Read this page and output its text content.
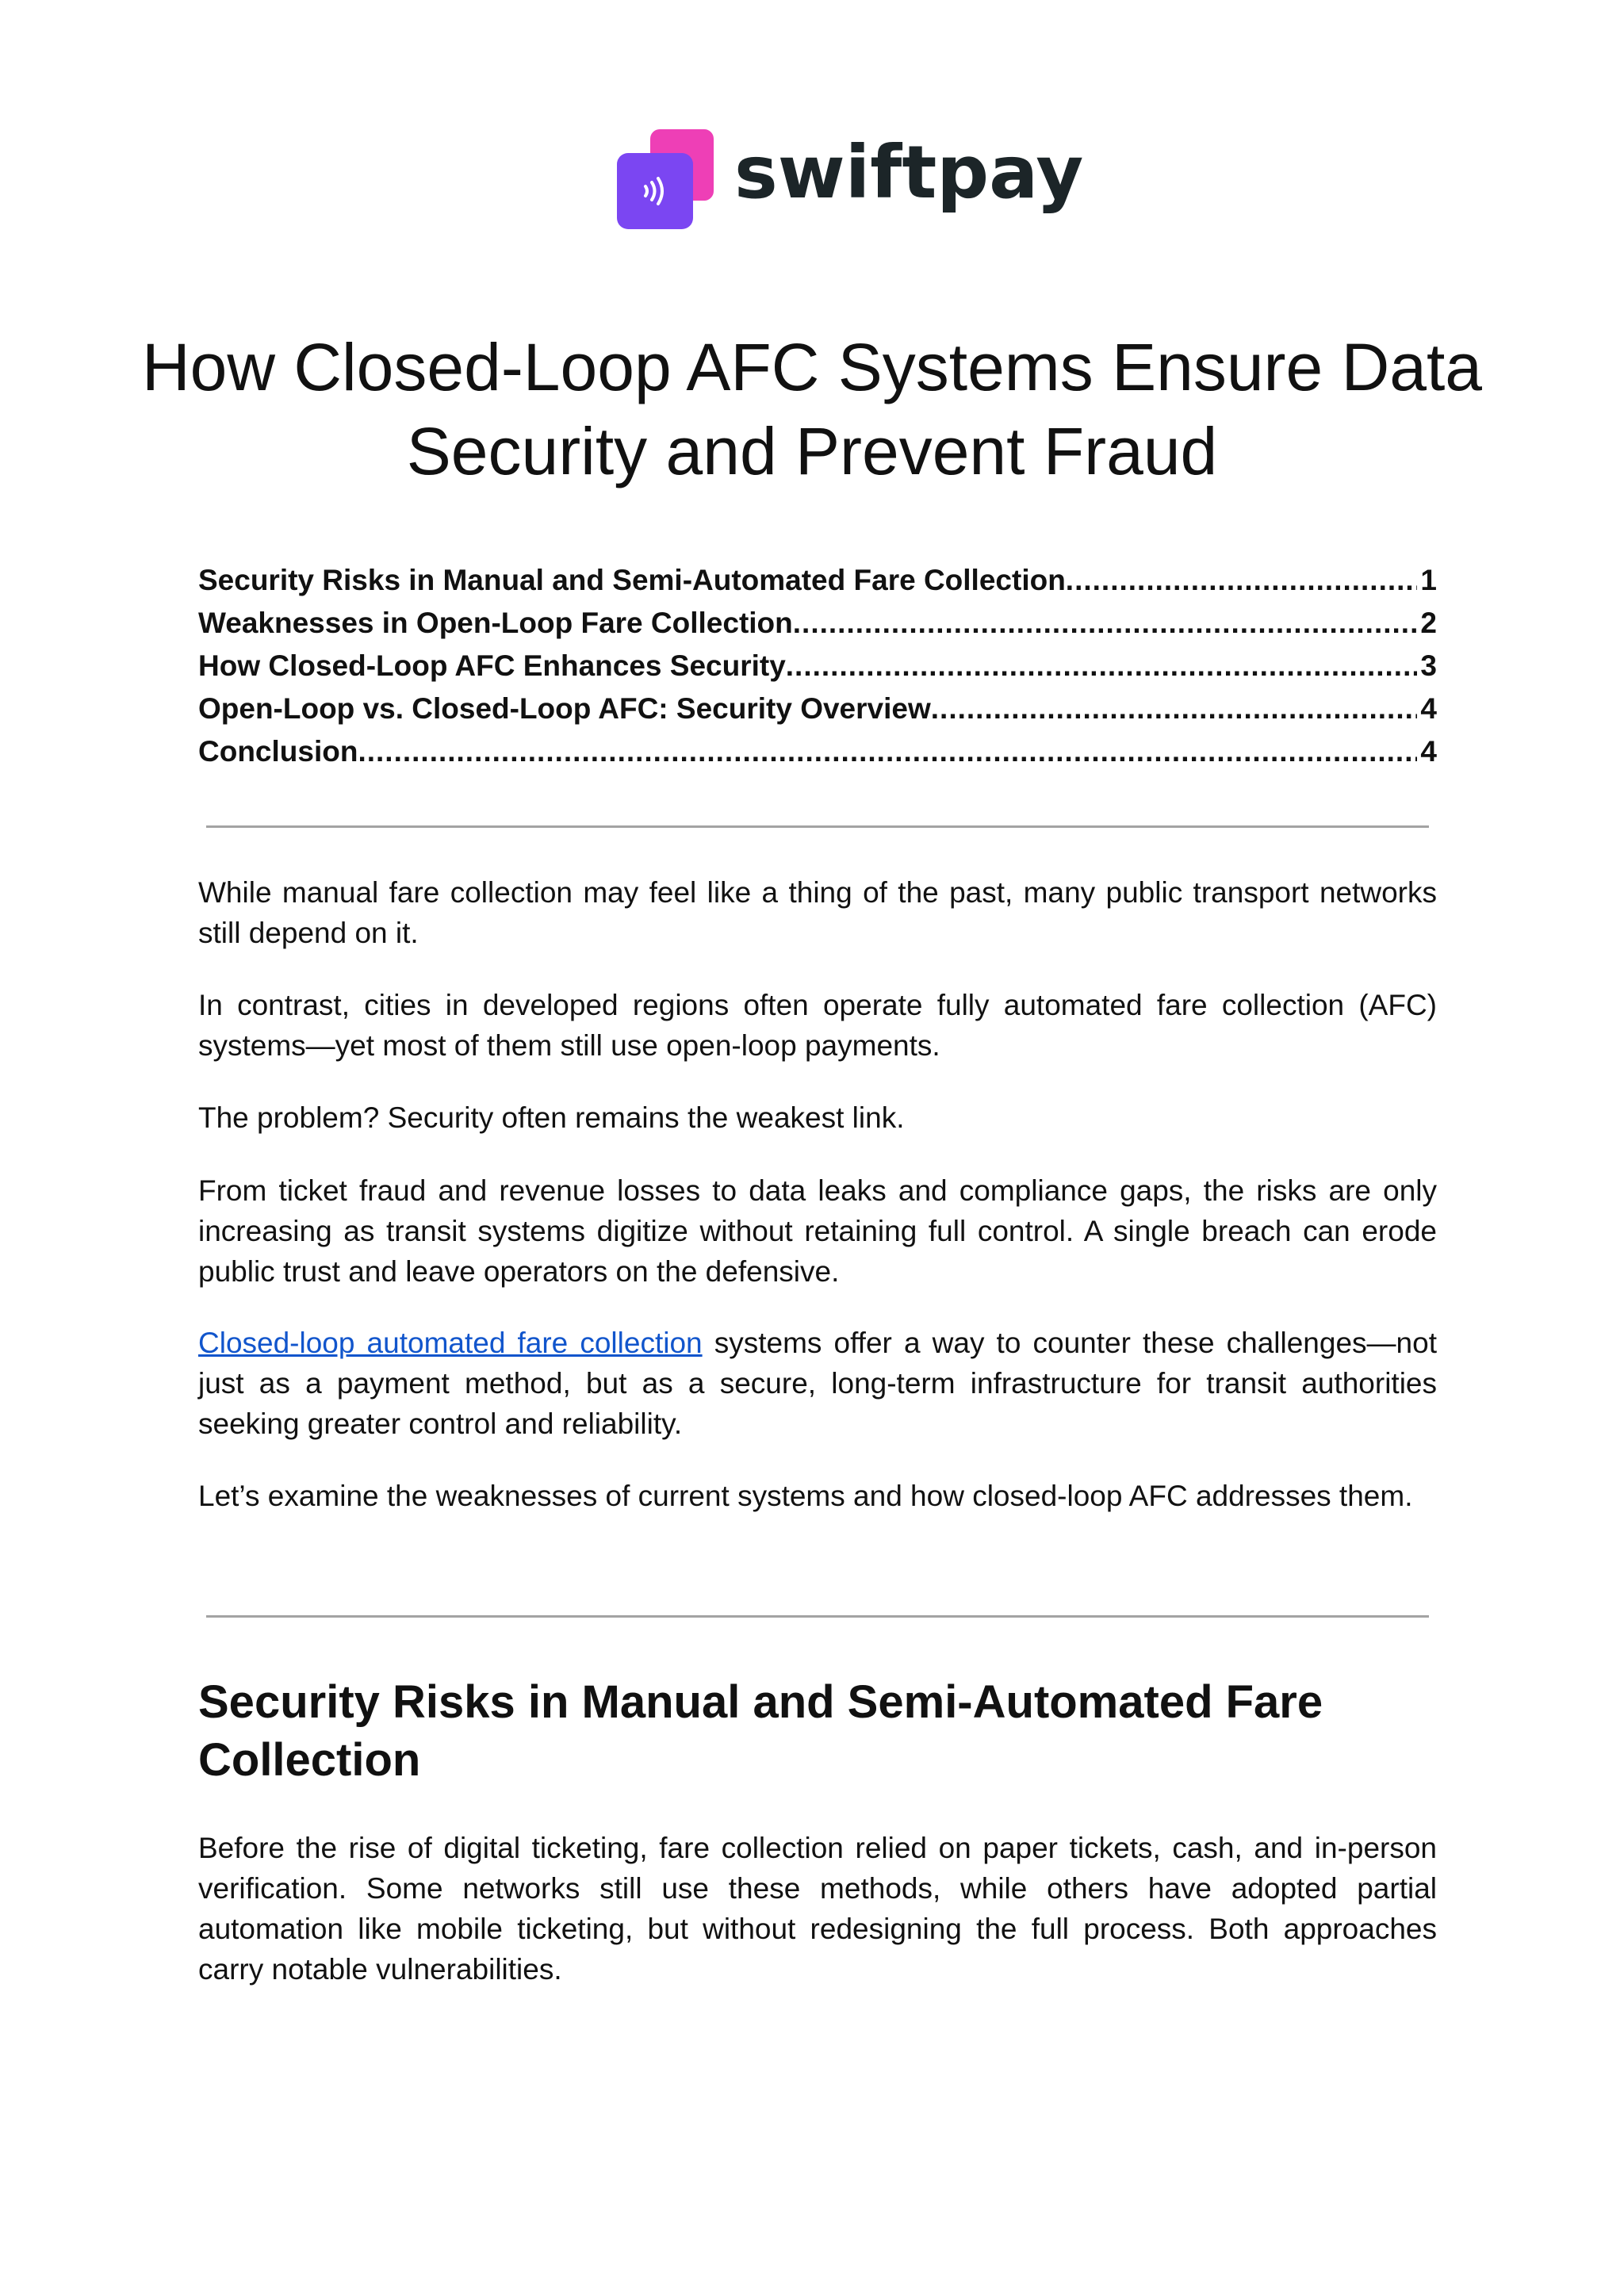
swiftpay
How Closed-Loop AFC Systems Ensure Data Security and Prevent Fraud
Security Risks in Manual and Semi-Automated Fare Collection .....	1
Weaknesses in Open-Loop Fare Collection .....	2
How Closed-Loop AFC Enhances Security .....	3
Open-Loop vs. Closed-Loop AFC: Security Overview .....	4
Conclusion .....	4

While manual fare collection may feel like a thing of the past, many public transport networks still depend on it.

In contrast, cities in developed regions often operate fully automated fare collection (AFC) systems—yet most of them still use open-loop payments.

The problem? Security often remains the weakest link.

From ticket fraud and revenue losses to data leaks and compliance gaps, the risks are only increasing as transit systems digitize without retaining full control. A single breach can erode public trust and leave operators on the defensive.

Closed-loop automated fare collection systems offer a way to counter these challenges—not just as a payment method, but as a secure, long-term infrastructure for transit authorities seeking greater control and reliability.

Let’s examine the weaknesses of current systems and how closed-loop AFC addresses them.

Security Risks in Manual and Semi-Automated Fare Collection

Before the rise of digital ticketing, fare collection relied on paper tickets, cash, and in-person verification. Some networks still use these methods, while others have adopted partial automation like mobile ticketing, but without redesigning the full process. Both approaches carry notable vulnerabilities.
